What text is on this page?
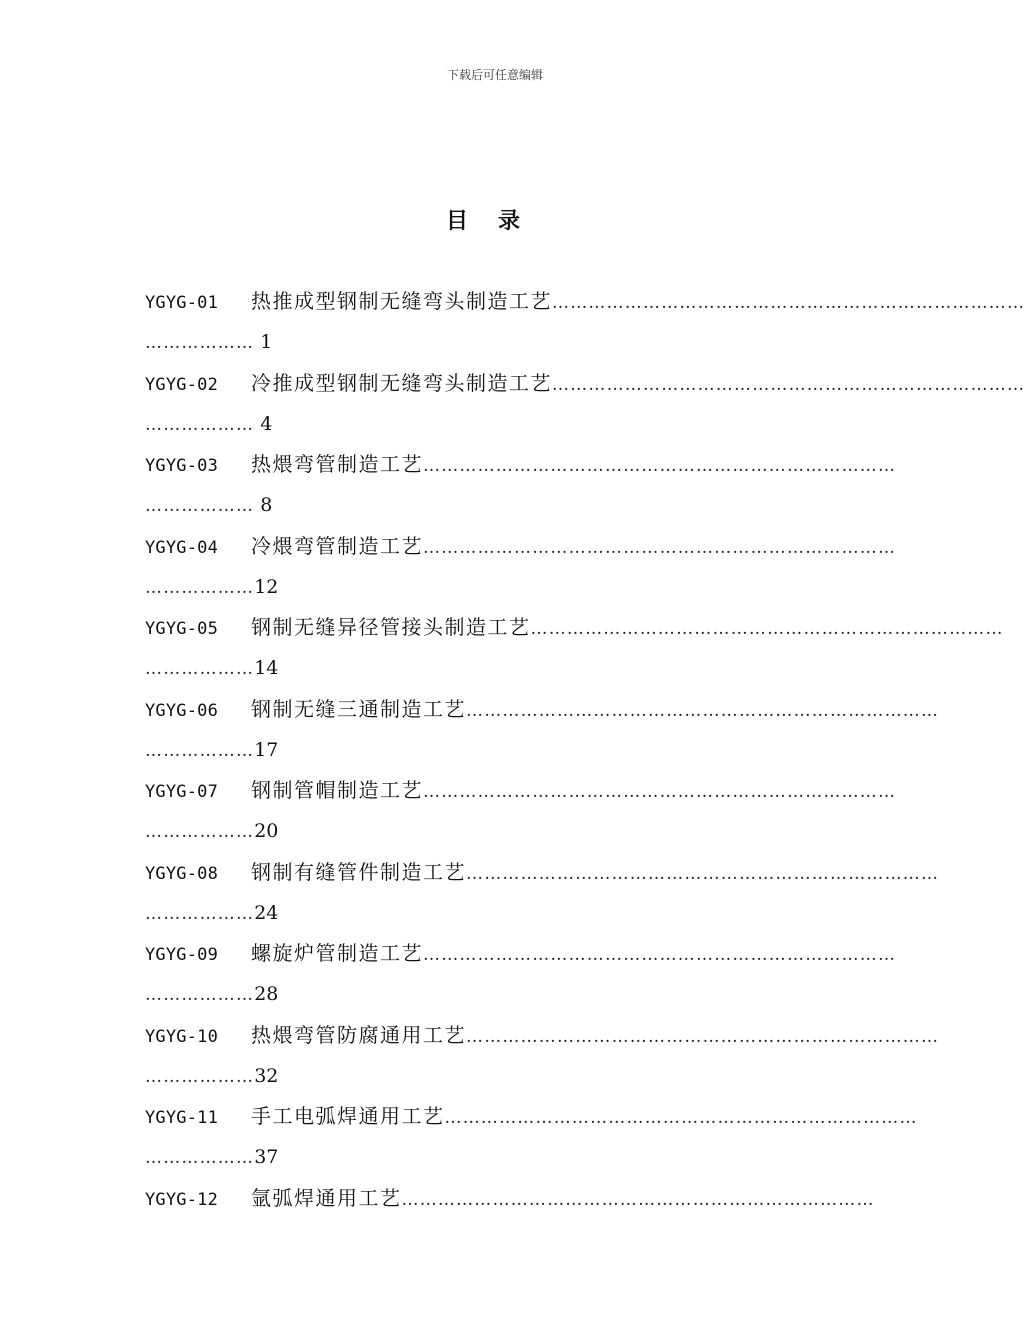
下载后可任意编辑
目录
YGYG-01 热推成型钢制无缝弯头制造工艺……………………………………………………………………
……………… 1
YGYG-02 冷推成型钢制无缝弯头制造工艺……………………………………………………………………
……………… 4
YGYG-03 热煨弯管制造工艺……………………………………………………………………
……………… 8
YGYG-04 冷煨弯管制造工艺……………………………………………………………………
………………12
YGYG-05 钢制无缝异径管接头制造工艺……………………………………………………………………
………………14
YGYG-06 钢制无缝三通制造工艺……………………………………………………………………
………………17
YGYG-07 钢制管帽制造工艺……………………………………………………………………
………………20
YGYG-08 钢制有缝管件制造工艺……………………………………………………………………
………………24
YGYG-09 螺旋炉管制造工艺……………………………………………………………………
………………28
YGYG-10 热煨弯管防腐通用工艺……………………………………………………………………
………………32
YGYG-11 手工电弧焊通用工艺……………………………………………………………………
………………37
YGYG-12 氩弧焊通用工艺……………………………………………………………………
